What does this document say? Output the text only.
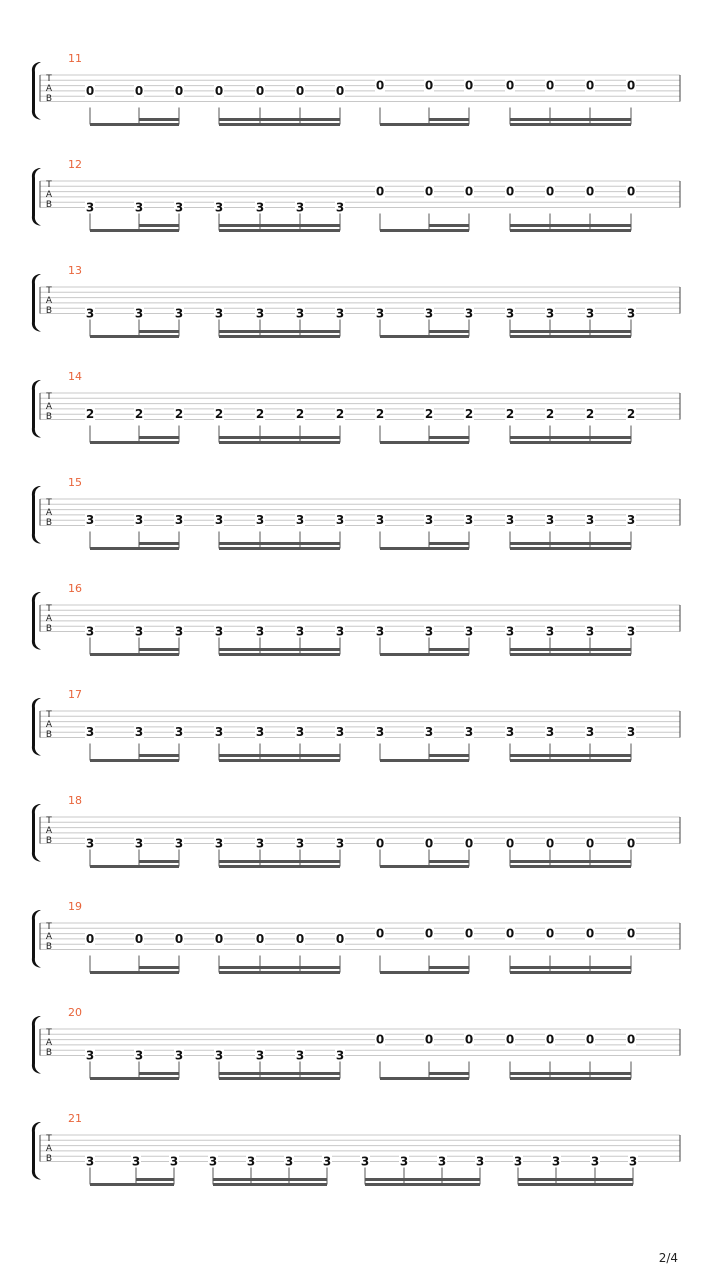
T
A
B
11
0	0	0	0	0	0	0	0	0	0	0	0	0	0
T
A
B
12
3	3	3	3	3	3	3
0	0	0	0	0	0	0
T
A
B
13
3	3	3	3	3	3	3	3	3	3	3	3	3	3
T
A
B
14
2	2	2	2	2	2	2	2	2	2	2	2	2	2
T
A
B
15
3	3	3	3	3	3	3	3	3	3	3	3	3	3
T
A
B
16
3	3	3	3	3	3	3	3	3	3	3	3	3	3
T
A
B
17
3	3	3	3	3	3	3	3	3	3	3	3	3	3
T
A
B
18
3	3	3	3	3	3	3	0	0	0	0	0	0	0
T
A
B
19
0	0	0	0	0	0	0	0	0	0	0	0	0	0
T
A
B
20
3	3	3	3	3	3	3
0	0	0	0	0	0	0
T
A
B
21
3	3 3	3 3 3 3 3	3 3 3 3 3	3 3
2/4
